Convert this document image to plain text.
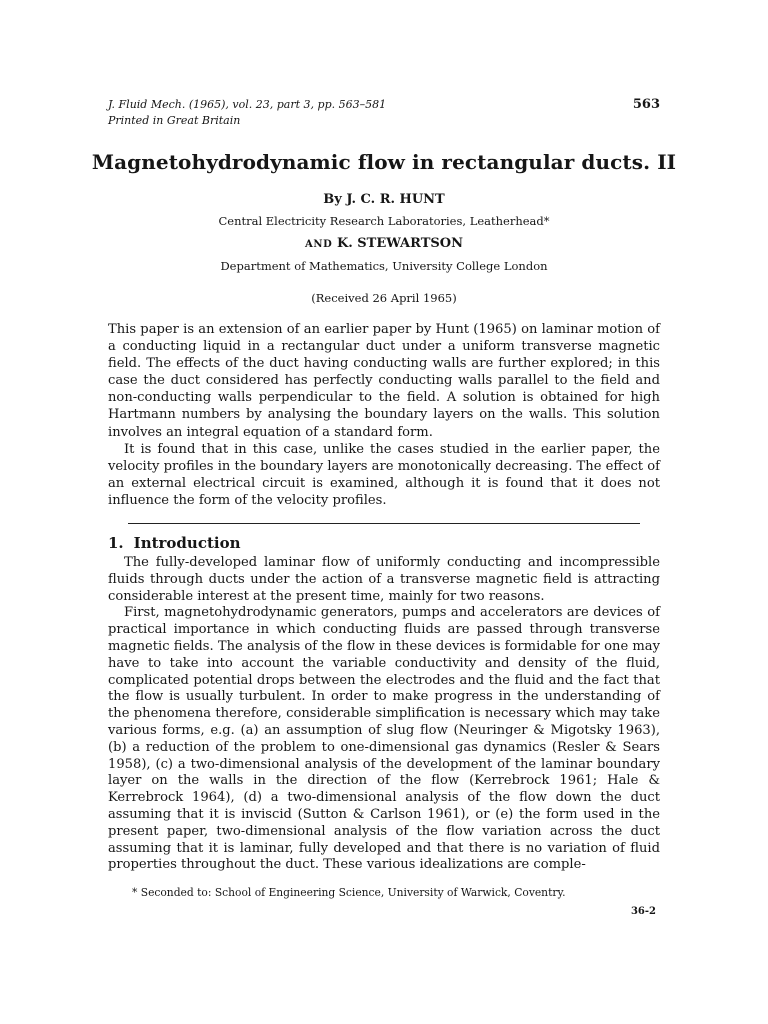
J. Fluid Mech. (1965), vol. 23, part 3, pp. 563–581
Printed in Great Britain
563
Magnetohydrodynamic flow in rectangular ducts. II
By J. C. R. HUNT
Central Electricity Research Laboratories, Leatherhead*
AND K. STEWARTSON
Department of Mathematics, University College London
(Received 26 April 1965)

This paper is an extension of an earlier paper by Hunt (1965) on laminar motion of a conducting liquid in a rectangular duct under a uniform transverse magnetic field. The effects of the duct having conducting walls are further explored; in this case the duct considered has perfectly conducting walls parallel to the field and non-conducting walls perpendicular to the field. A solution is obtained for high Hartmann numbers by analysing the boundary layers on the walls. This solution involves an integral equation of a standard form.

It is found that in this case, unlike the cases studied in the earlier paper, the velocity profiles in the boundary layers are monotonically decreasing. The effect of an external electrical circuit is examined, although it is found that it does not influence the form of the velocity profiles.

1. Introduction

The fully-developed laminar flow of uniformly conducting and incompressible fluids through ducts under the action of a transverse magnetic field is attracting considerable interest at the present time, mainly for two reasons.

First, magnetohydrodynamic generators, pumps and accelerators are devices of practical importance in which conducting fluids are passed through transverse magnetic fields. The analysis of the flow in these devices is formidable for one may have to take into account the variable conductivity and density of the fluid, complicated potential drops between the electrodes and the fluid and the fact that the flow is usually turbulent. In order to make progress in the understanding of the phenomena therefore, considerable simplification is necessary which may take various forms, e.g. (a) an assumption of slug flow (Neuringer & Migotsky 1963), (b) a reduction of the problem to one-dimensional gas dynamics (Resler & Sears 1958), (c) a two-dimensional analysis of the development of the laminar boundary layer on the walls in the direction of the flow (Kerrebrock 1961; Hale & Kerrebrock 1964), (d) a two-dimensional analysis of the flow down the duct assuming that it is inviscid (Sutton & Carlson 1961), or (e) the form used in the present paper, two-dimensional analysis of the flow variation across the duct assuming that it is laminar, fully developed and that there is no variation of fluid properties throughout the duct. These various idealizations are comple-

* Seconded to: School of Engineering Science, University of Warwick, Coventry.
36-2
